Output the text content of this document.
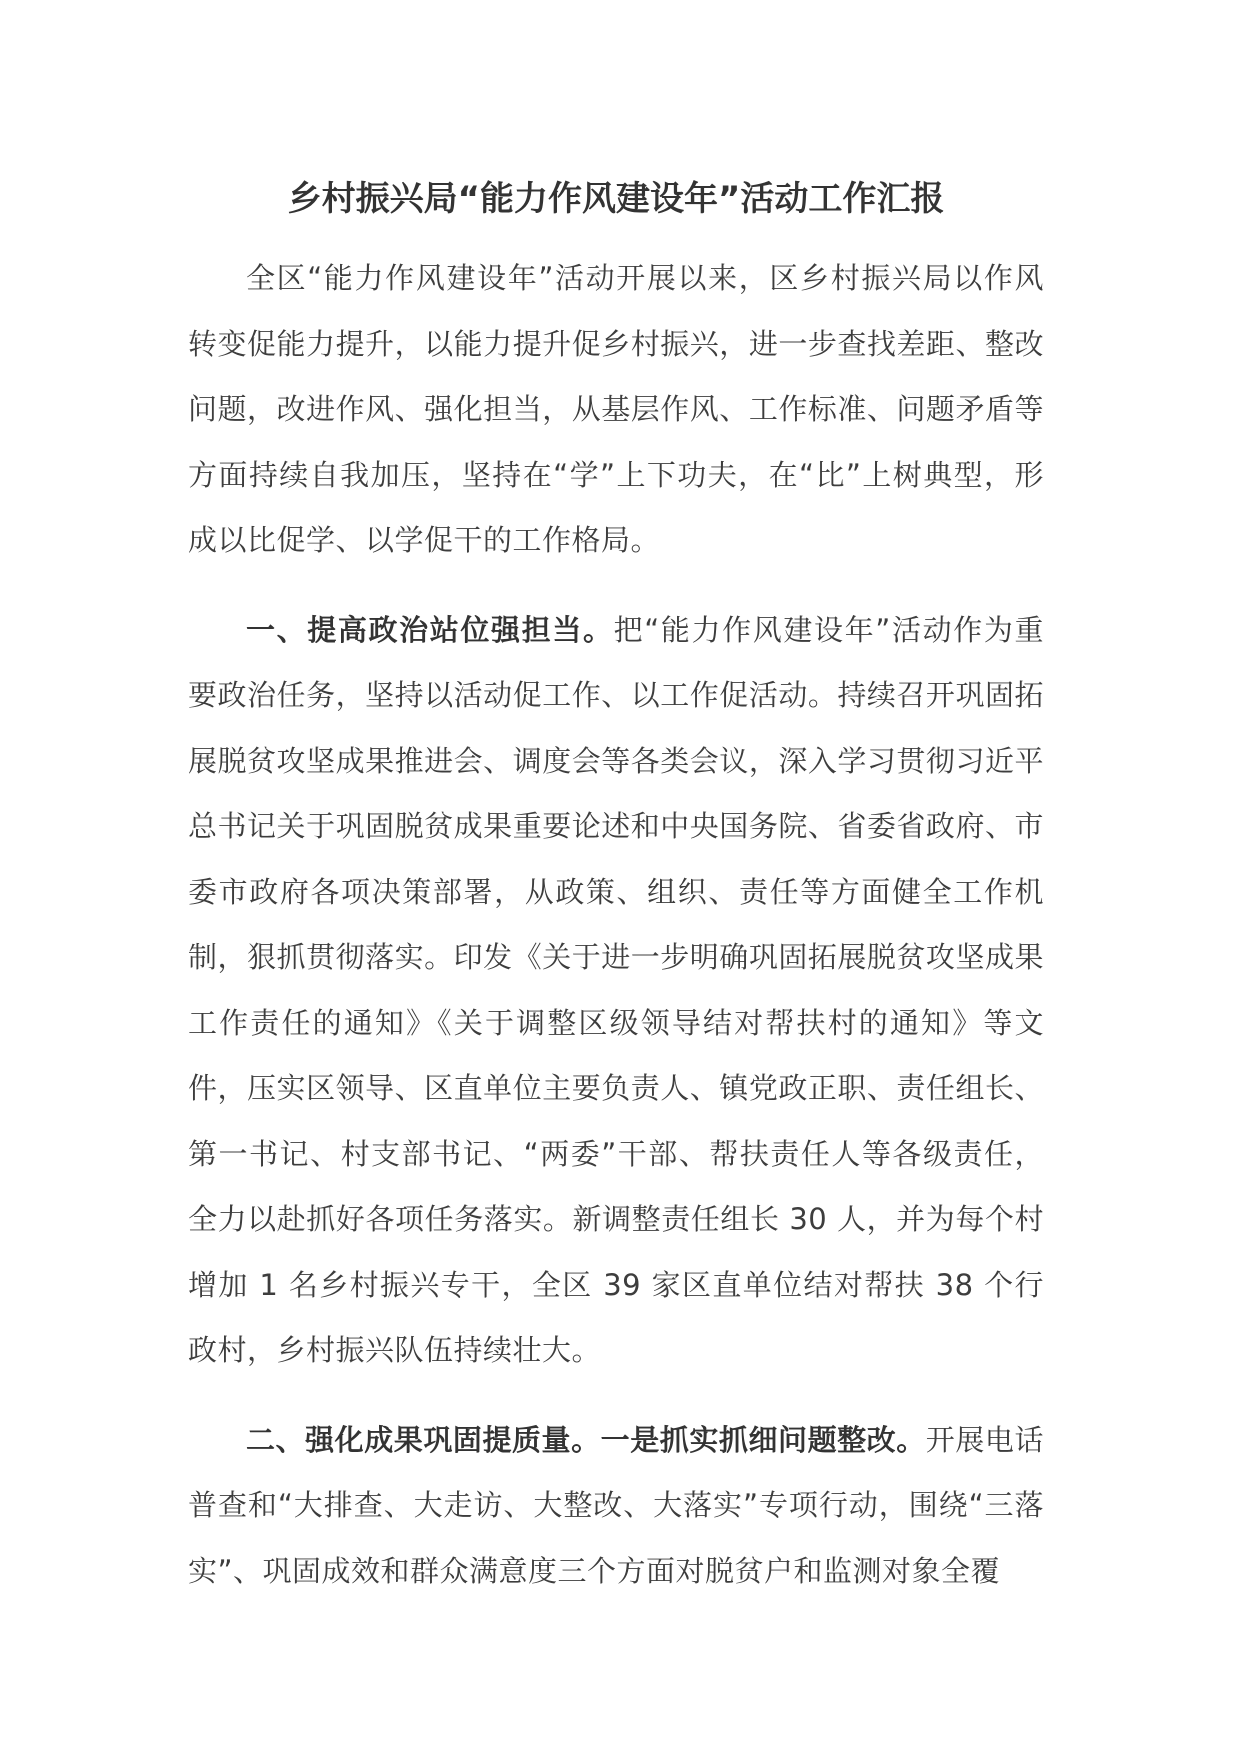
乡村振兴局“能力作风建设年”活动工作汇报

全区“能力作风建设年”活动开展以来，区乡村振兴局以作风转变促能力提升，以能力提升促乡村振兴，进一步查找差距、整改问题，改进作风、强化担当，从基层作风、工作标准、问题矛盾等方面持续自我加压，坚持在“学”上下功夫，在“比”上树典型，形成以比促学、以学促干的工作格局。

一、提高政治站位强担当。把“能力作风建设年”活动作为重要政治任务，坚持以活动促工作、以工作促活动。持续召开巩固拓展脱贫攻坚成果推进会、调度会等各类会议，深入学习贯彻习近平总书记关于巩固脱贫成果重要论述和中央国务院、省委省政府、市委市政府各项决策部署，从政策、组织、责任等方面健全工作机制，狠抓贯彻落实。印发《关于进一步明确巩固拓展脱贫攻坚成果工作责任的通知》《关于调整区级领导结对帮扶村的通知》等文件，压实区领导、区直单位主要负责人、镇党政正职、责任组长、第一书记、村支部书记、“两委”干部、帮扶责任人等各级责任，全力以赴抓好各项任务落实。新调整责任组长 30 人，并为每个村增加 1 名乡村振兴专干，全区 39 家区直单位结对帮扶 38 个行政村，乡村振兴队伍持续壮大。

二、强化成果巩固提质量。一是抓实抓细问题整改。开展电话普查和“大排查、大走访、大整改、大落实”专项行动，围绕“三落实”、巩固成效和群众满意度三个方面对脱贫户和监测对象全覆
